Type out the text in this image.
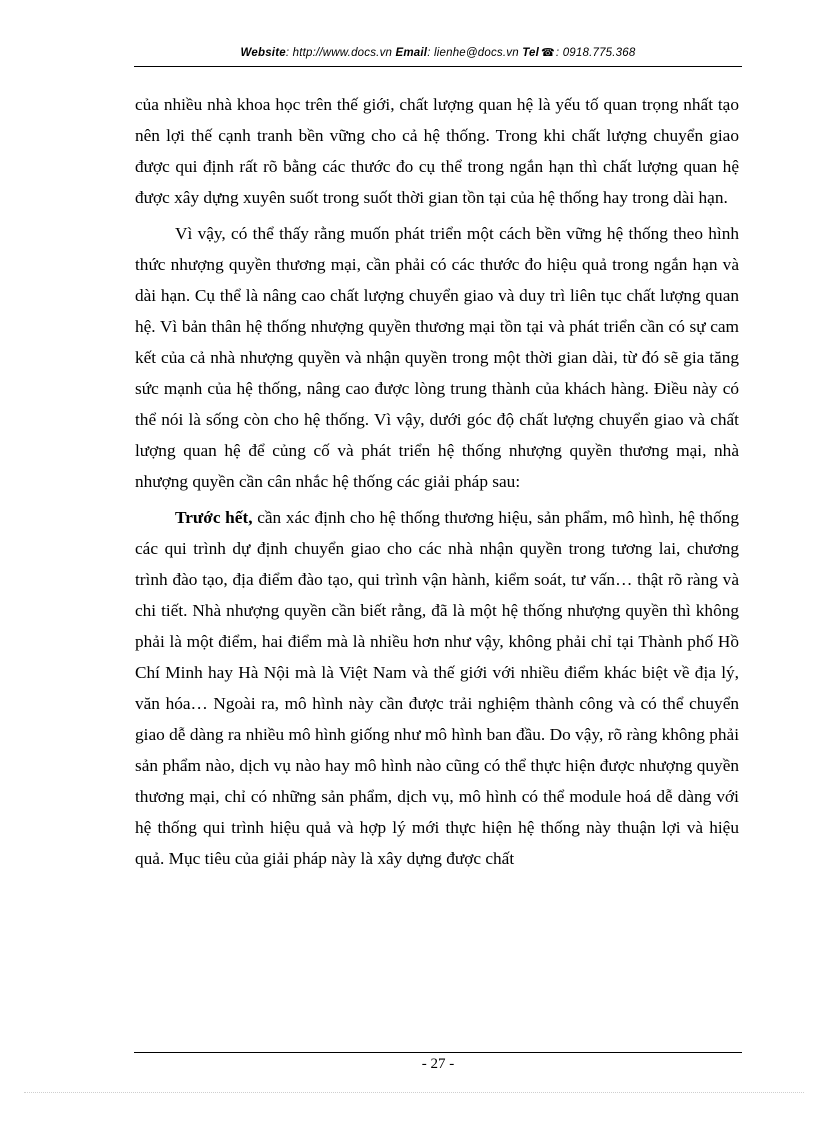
Website: http://www.docs.vn Email: lienhe@docs.vn Tel ☎: 0918.775.368

của nhiều nhà khoa học trên thế giới, chất lượng quan hệ là yếu tố quan trọng nhất tạo nên lợi thế cạnh tranh bền vững cho cả hệ thống. Trong khi chất lượng chuyển giao được qui định rất rõ bằng các thước đo cụ thể trong ngắn hạn thì chất lượng quan hệ được xây dựng xuyên suốt trong suốt thời gian tồn tại của hệ thống hay trong dài hạn.

Vì vậy, có thể thấy rằng muốn phát triển một cách bền vững hệ thống theo hình thức nhượng quyền thương mại, cần phải có các thước đo hiệu quả trong ngắn hạn và dài hạn. Cụ thể là nâng cao chất lượng chuyển giao và duy trì liên tục chất lượng quan hệ. Vì bản thân hệ thống nhượng quyền thương mại tồn tại và phát triển cần có sự cam kết của cả nhà nhượng quyền và nhận quyền trong một thời gian dài, từ đó sẽ gia tăng sức mạnh của hệ thống, nâng cao được lòng trung thành của khách hàng. Điều này có thể nói là sống còn cho hệ thống. Vì vậy, dưới góc độ chất lượng chuyển giao và chất lượng quan hệ để củng cố và phát triển hệ thống nhượng quyền thương mại, nhà nhượng quyền cần cân nhắc hệ thống các giải pháp sau:

Trước hết, cần xác định cho hệ thống thương hiệu, sản phẩm, mô hình, hệ thống các qui trình dự định chuyển giao cho các nhà nhận quyền trong tương lai, chương trình đào tạo, địa điểm đào tạo, qui trình vận hành, kiểm soát, tư vấn… thật rõ ràng và chi tiết. Nhà nhượng quyền cần biết rằng, đã là một hệ thống nhượng quyền thì không phải là một điểm, hai điểm mà là nhiều hơn như vậy, không phải chỉ tại Thành phố Hồ Chí Minh hay Hà Nội mà là Việt Nam và thế giới với nhiều điểm khác biệt về địa lý, văn hóa… Ngoài ra, mô hình này cần được trải nghiệm thành công và có thể chuyển giao dễ dàng ra nhiều mô hình giống như mô hình ban đầu. Do vậy, rõ ràng không phải sản phẩm nào, dịch vụ nào hay mô hình nào cũng có thể thực hiện được nhượng quyền thương mại, chỉ có những sản phẩm, dịch vụ, mô hình có thể module hoá dễ dàng với hệ thống qui trình hiệu quả và hợp lý mới thực hiện hệ thống này thuận lợi và hiệu quả. Mục tiêu của giải pháp này là xây dựng được chất

- 27 -
